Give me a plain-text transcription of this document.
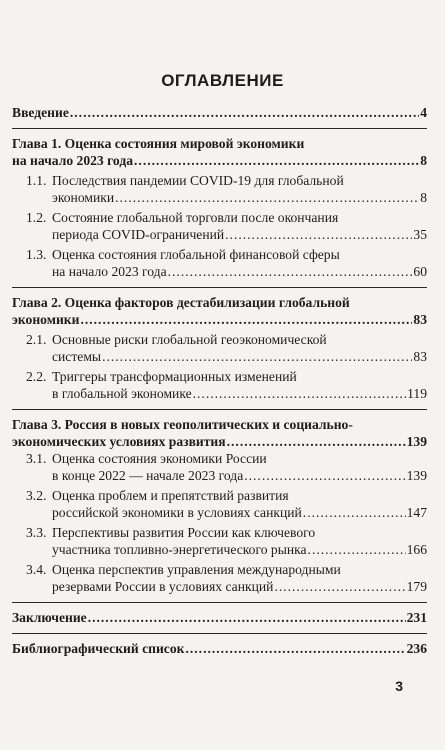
ОГЛАВЛЕНИЕ
Введение .....	4
Глава 1. Оценка состояния мировой экономики
на начало 2023 года .....	8
1.1. Последствия пандемии COVID-19 для глобальной
экономики .....	8
1.2. Состояние глобальной торговли после окончания
периода COVID-ограничений .....	35
1.3. Оценка состояния глобальной финансовой сферы
на начало 2023 года .....	60
Глава 2. Оценка факторов дестабилизации глобальной
экономики .....	83
2.1. Основные риски глобальной геоэкономической
системы .....	83
2.2. Триггеры трансформационных изменений
в глобальной экономике .....	119
Глава 3. Россия в новых геополитических и социально-
экономических условиях развития .....	139
3.1. Оценка состояния экономики России
в конце 2022 — начале 2023 года .....	139
3.2. Оценка проблем и препятствий развития
российской экономики в условиях санкций .....	147
3.3. Перспективы развития России как ключевого
участника топливно-энергетического рынка .....	166
3.4. Оценка перспектив управления международными
резервами России в условиях санкций .....	179
Заключение .....	231
Библиографический список .....	236
3
